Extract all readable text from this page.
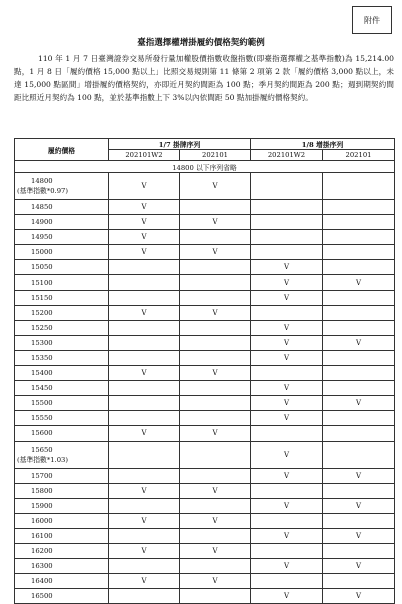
附件
臺指選擇權增掛履約價格契約範例
110 年 1 月 7 日臺灣證券交易所發行量加權股價指數收盤指數(即臺指選擇權之基準指數)為 15,214.00 點，1 月 8 日「履約價格 15,000 點以上」比照交易規則第 11 條第 2 項第 2 款「履約價格 3,000 點以上，未達 15,000 點區間」增掛履約價格契約，亦即近月契約間距為 100 點；季月契約間距為 200 點；週到期契約間距比照近月契約為 100 點，並於基準指數上下 3%以內依間距 50 點加掛履約價格契約。
履約價格	1/7 掛牌序列		1/8 增掛序列	
	202101W2	202101	202101W2	202101
14800 以下序列省略				

14800
(基準指數*0.97)	V	V		

14850	V			

14900	V	V		

14950	V			

15000	V	V		

15050			V	

15100			V	V

15150			V	

15200	V	V		

15250			V	

15300			V	V

15350			V	

15400	V	V		

15450			V	

15500			V	V

15550			V	

15600	V	V		

15650
(基準指數*1.03)			V	

15700			V	V

15800	V	V		

15900			V	V

16000	V	V		

16100			V	V

16200	V	V		

16300			V	V

16400	V	V		

16500			V	V
